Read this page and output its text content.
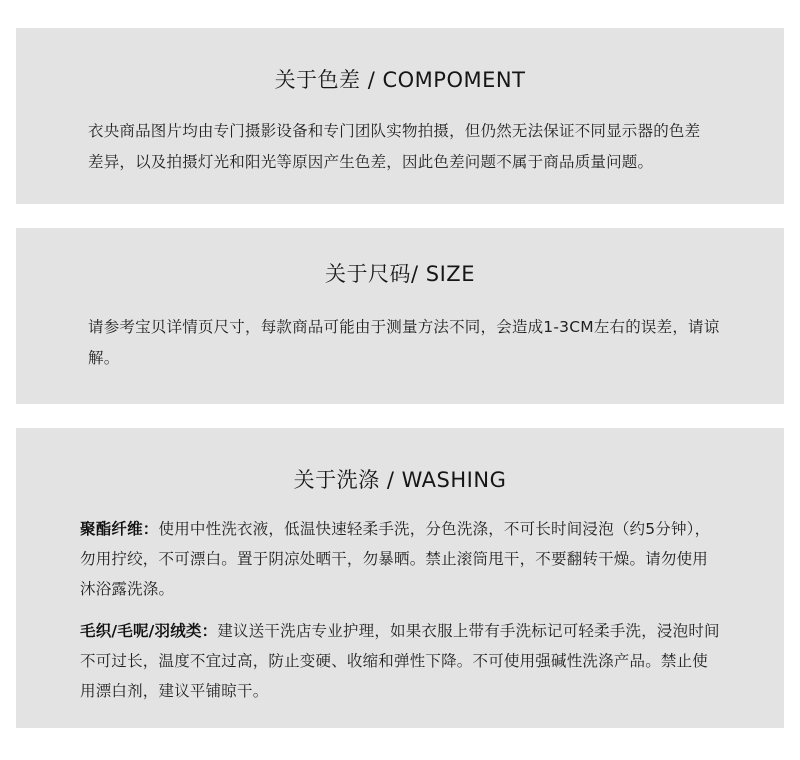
关于色差 / COMPOMENT

衣央商品图片均由专门摄影设备和专门团队实物拍摄，但仍然无法保证不同显示器的色差差异，以及拍摄灯光和阳光等原因产生色差，因此色差问题不属于商品质量问题。

关于尺码/ SIZE

请参考宝贝详情页尺寸，每款商品可能由于测量方法不同，会造成1-3CM左右的误差，请谅解。

关于洗涤 / WASHING
聚酯纤维：使用中性洗衣液，低温快速轻柔手洗，分色洗涤，不可长时间浸泡（约5分钟），勿用拧绞，不可漂白。置于阴凉处晒干，勿暴晒。禁止滚筒甩干，不要翻转干燥。请勿使用沐浴露洗涤。
毛织/毛呢/羽绒类：建议送干洗店专业护理，如果衣服上带有手洗标记可轻柔手洗，浸泡时间不可过长，温度不宜过高，防止变硬、收缩和弹性下降。不可使用强碱性洗涤产品。禁止使用漂白剂，建议平铺晾干。
